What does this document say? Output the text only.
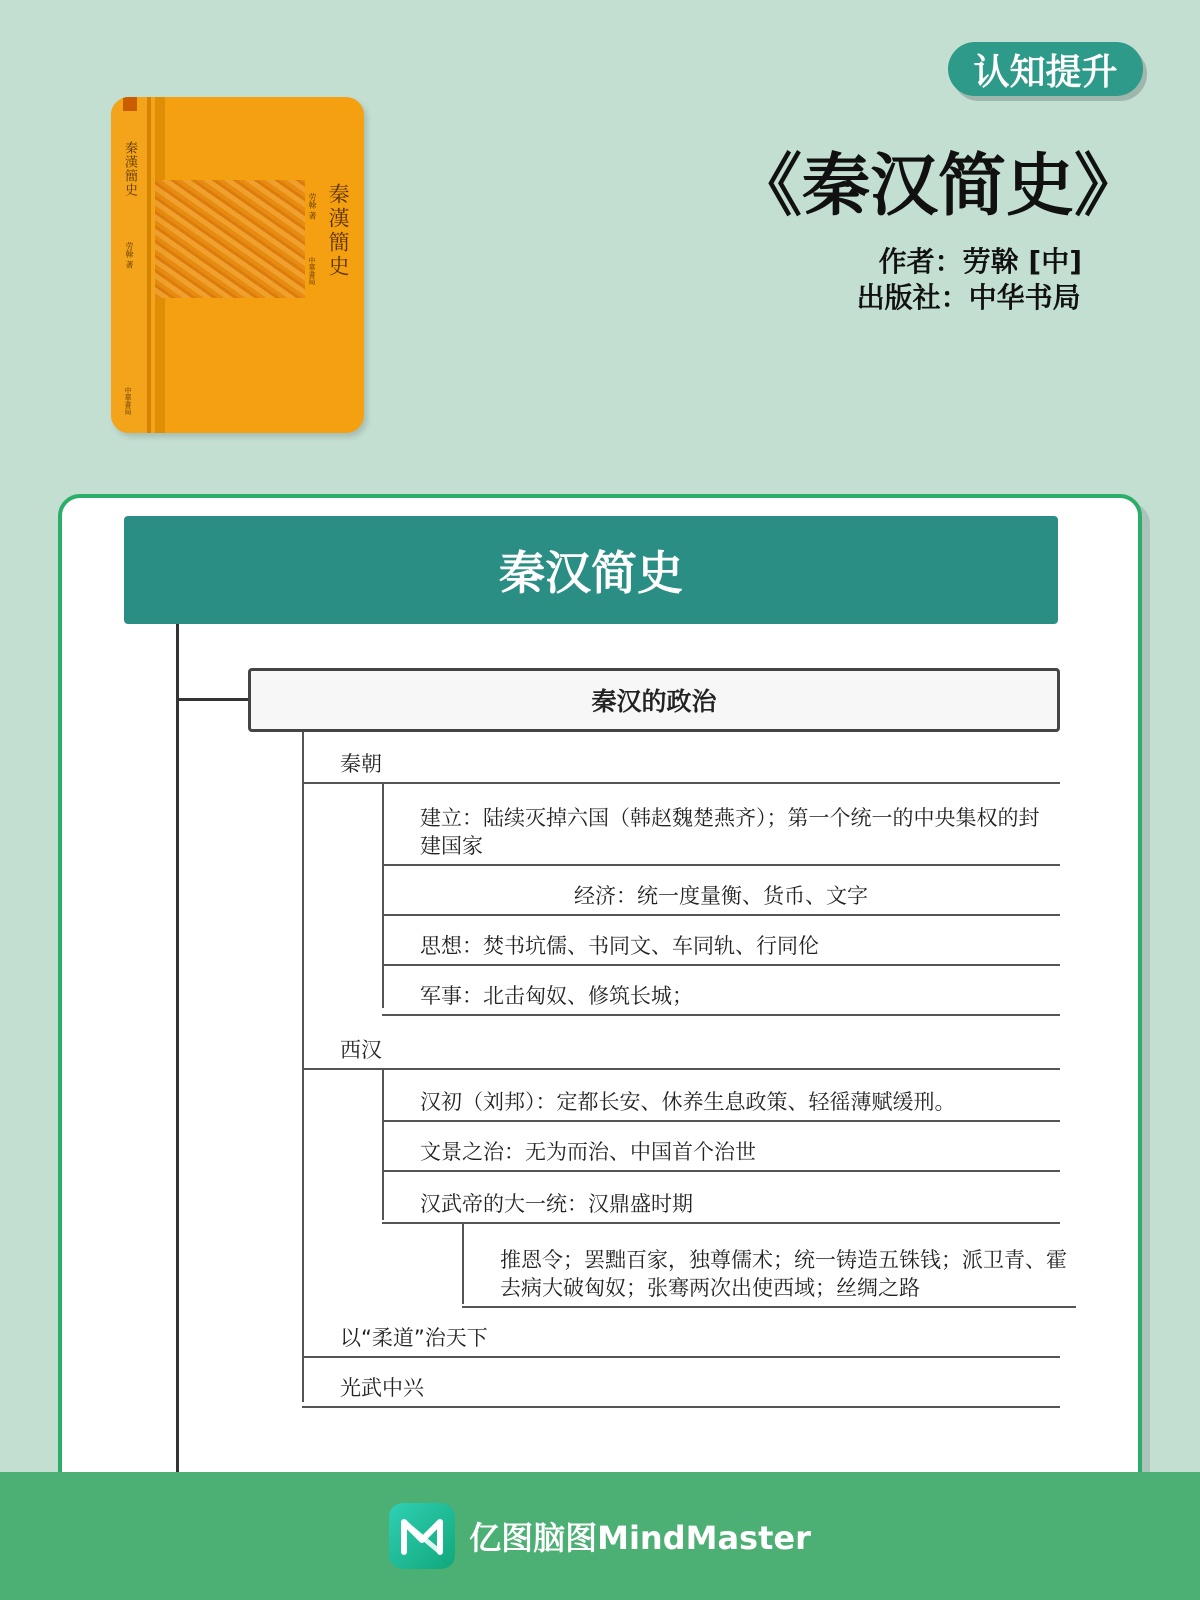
认知提升
《秦汉简史》
作者：劳榦 [中]
出版社：中华书局
秦漢簡史
劳榦 著
中華書局
秦漢簡史
劳榦 著
中華書局
秦汉简史
秦汉的政治
秦朝
建立：陆续灭掉六国（韩赵魏楚燕齐）；第一个统一的中央集权的封建国家
经济：统一度量衡、货币、文字
思想：焚书坑儒、书同文、车同轨、行同伦
军事：北击匈奴、修筑长城；
西汉
汉初（刘邦）：定都长安、休养生息政策、轻徭薄赋缓刑。
文景之治：无为而治、中国首个治世
汉武帝的大一统：汉鼎盛时期
推恩令；罢黜百家，独尊儒术；统一铸造五铢钱；派卫青、霍去病大破匈奴；张骞两次出使西域；丝绸之路
以“柔道”治天下
光武中兴
亿图脑图MindMaster
